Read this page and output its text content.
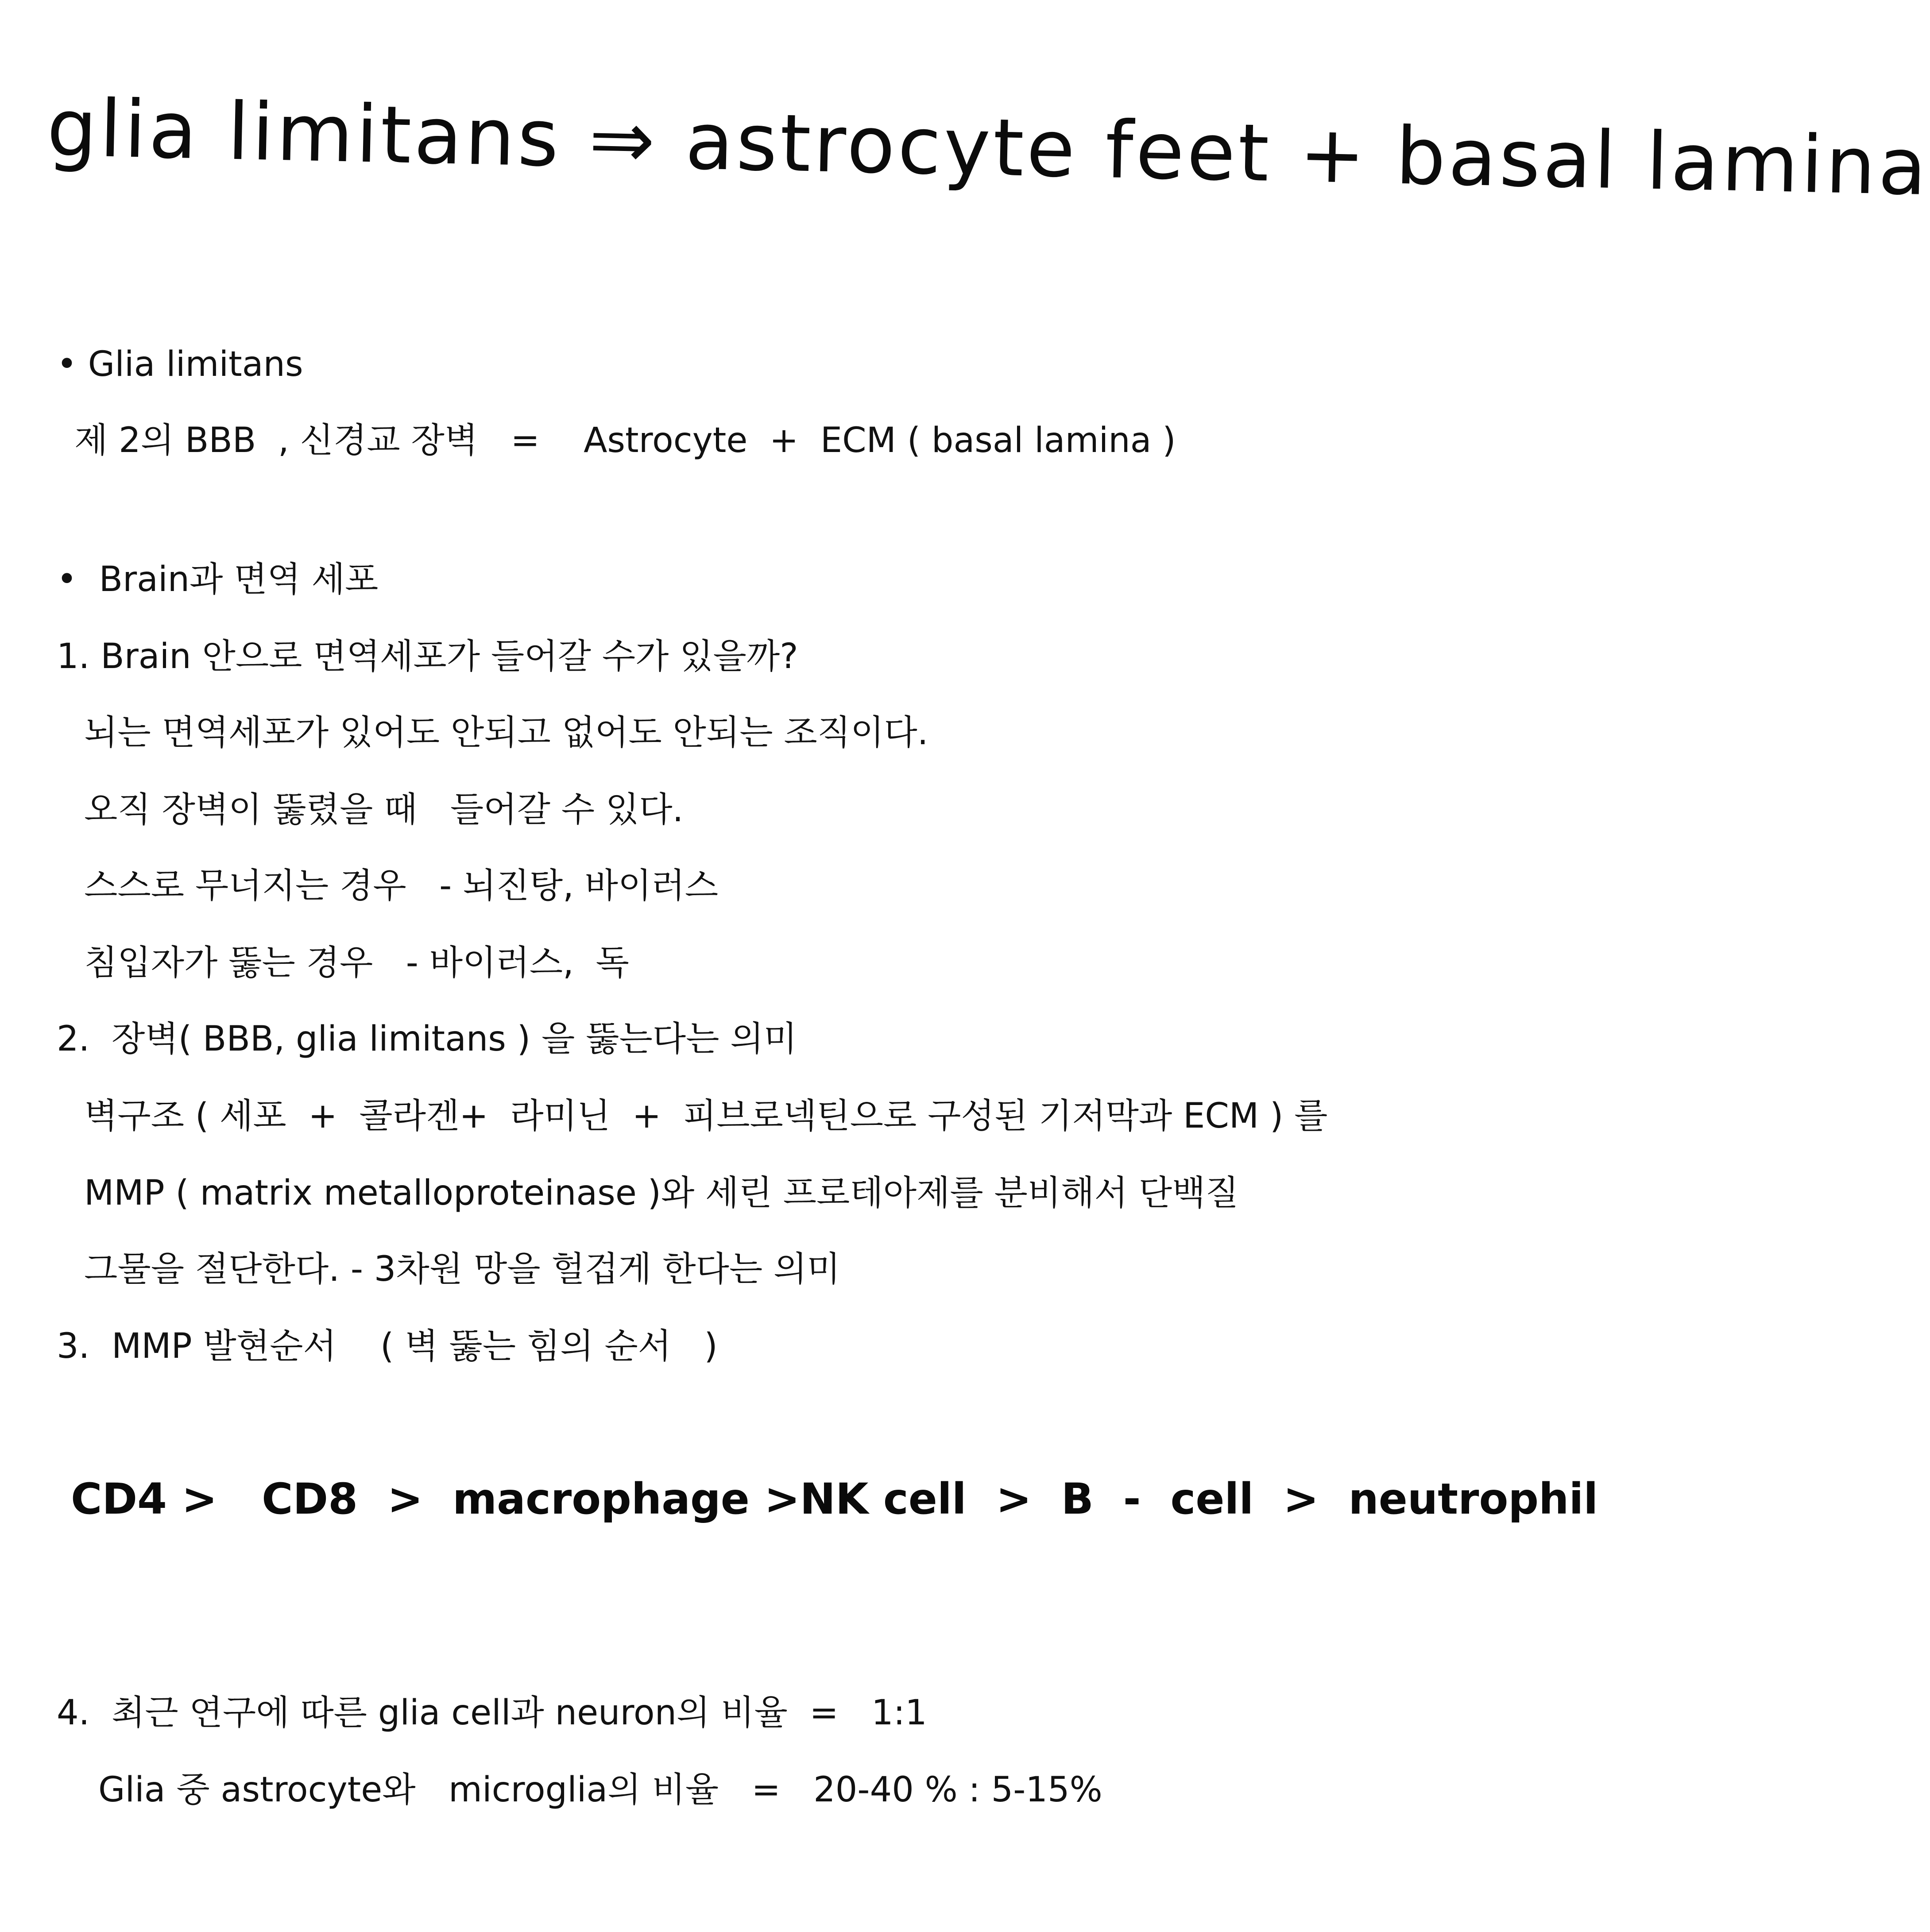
glia limitans ⇒ astrocyte feet + basal lamina
• Glia limitans
제 2의 BBB  , 신경교 장벽   =    Astrocyte  +  ECM ( basal lamina )
•  Brain과 면역 세포
1. Brain 안으로 면역세포가 들어갈 수가 있을까?
뇌는 면역세포가 있어도 안되고 없어도 안되는 조직이다.
오직 장벽이 뚫렸을 때   들어갈 수 있다.
스스로 무너지는 경우   - 뇌진탕, 바이러스
침입자가 뚫는 경우   - 바이러스,  독
2.  장벽( BBB, glia limitans ) 을 뚫는다는 의미
벽구조 ( 세포  +  콜라겐+  라미닌  +  피브로넥틴으로 구성된 기저막과 ECM ) 를
MMP ( matrix metalloproteinase )와 세린 프로테아제를 분비해서 단백질
그물을 절단한다. - 3차원 망을 헐겁게 한다는 의미
3.  MMP 발현순서    ( 벽 뚫는 힘의 순서   )
CD4 >   CD8  >  macrophage >NK cell  >  B  -  cell  >  neutrophil
4.  최근 연구에 따른 glia cell과 neuron의 비율  =   1:1
Glia 중 astrocyte와   microglia의 비율   =   20-40 % : 5-15%
